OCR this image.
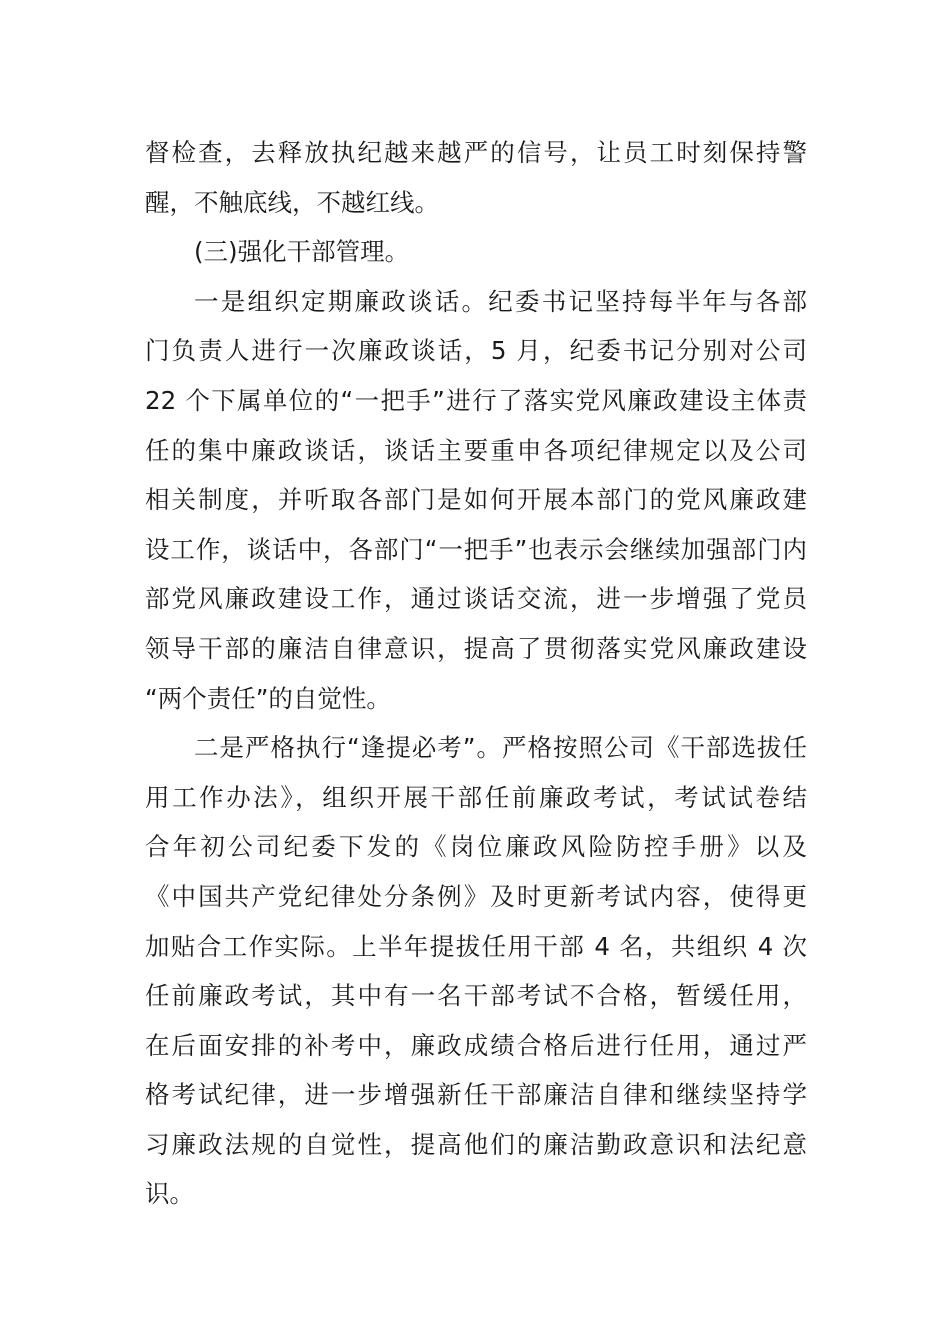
督检查，去释放执纪越来越严的信号，让员工时刻保持警
醒，不触底线，不越红线。
(三)强化干部管理。
一是组织定期廉政谈话。纪委书记坚持每半年与各部
门负责人进行一次廉政谈话，5 月，纪委书记分别对公司
22 个下属单位的“一把手”进行了落实党风廉政建设主体责
任的集中廉政谈话，谈话主要重申各项纪律规定以及公司
相关制度，并听取各部门是如何开展本部门的党风廉政建
设工作，谈话中，各部门“一把手”也表示会继续加强部门内
部党风廉政建设工作，通过谈话交流，进一步增强了党员
领导干部的廉洁自律意识，提高了贯彻落实党风廉政建设
“两个责任”的自觉性。
二是严格执行“逢提必考”。严格按照公司《干部选拔任
用工作办法》，组织开展干部任前廉政考试，考试试卷结
合年初公司纪委下发的《岗位廉政风险防控手册》以及
《中国共产党纪律处分条例》及时更新考试内容，使得更
加贴合工作实际。上半年提拔任用干部 4 名，共组织 4 次
任前廉政考试，其中有一名干部考试不合格，暂缓任用，
在后面安排的补考中，廉政成绩合格后进行任用，通过严
格考试纪律，进一步增强新任干部廉洁自律和继续坚持学
习廉政法规的自觉性，提高他们的廉洁勤政意识和法纪意
识。
